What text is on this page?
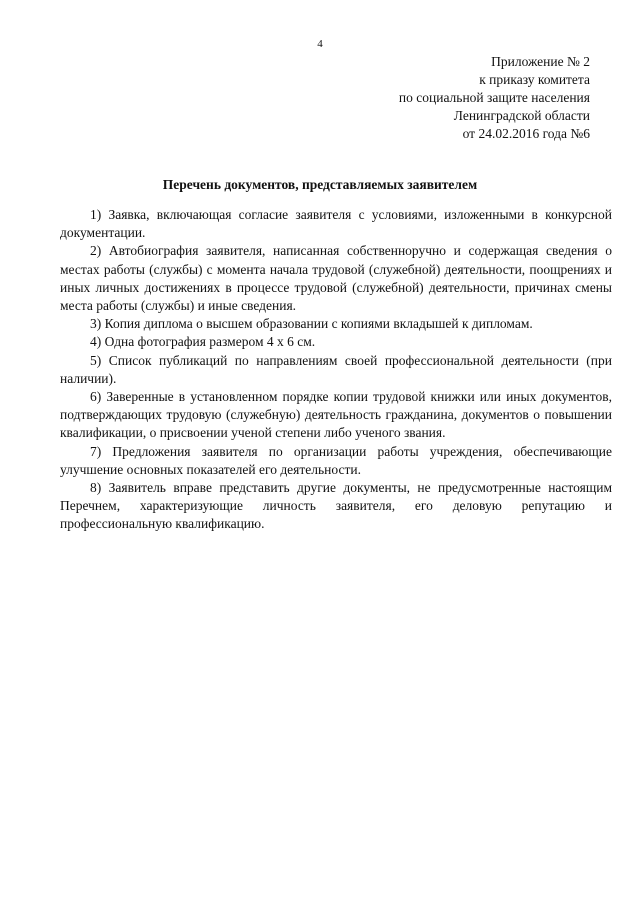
4
Приложение № 2
к приказу комитета
по социальной защите населения
Ленинградской области
от 24.02.2016 года №6
Перечень документов, представляемых заявителем

1) Заявка, включающая согласие заявителя с условиями, изложенными в конкурсной документации.

2) Автобиография заявителя, написанная собственноручно и содержащая сведения о местах работы (службы) с момента начала трудовой (служебной) деятельности, поощрениях и иных личных достижениях в процессе трудовой (служебной) деятельности, причинах смены места работы (службы) и иные сведения.

3) Копия диплома о высшем образовании с копиями вкладышей к дипломам.

4) Одна фотография размером 4 х 6 см.

5) Список публикаций по направлениям своей профессиональной деятельности (при наличии).

6) Заверенные в установленном порядке копии трудовой книжки или иных документов, подтверждающих трудовую (служебную) деятельность гражданина, документов о повышении квалификации, о присвоении ученой степени либо ученого звания.

7) Предложения заявителя по организации работы учреждения, обеспечивающие улучшение основных показателей его деятельности.

8) Заявитель вправе представить другие документы, не предусмотренные настоящим Перечнем, характеризующие личность заявителя, его деловую репутацию и профессиональную квалификацию.
